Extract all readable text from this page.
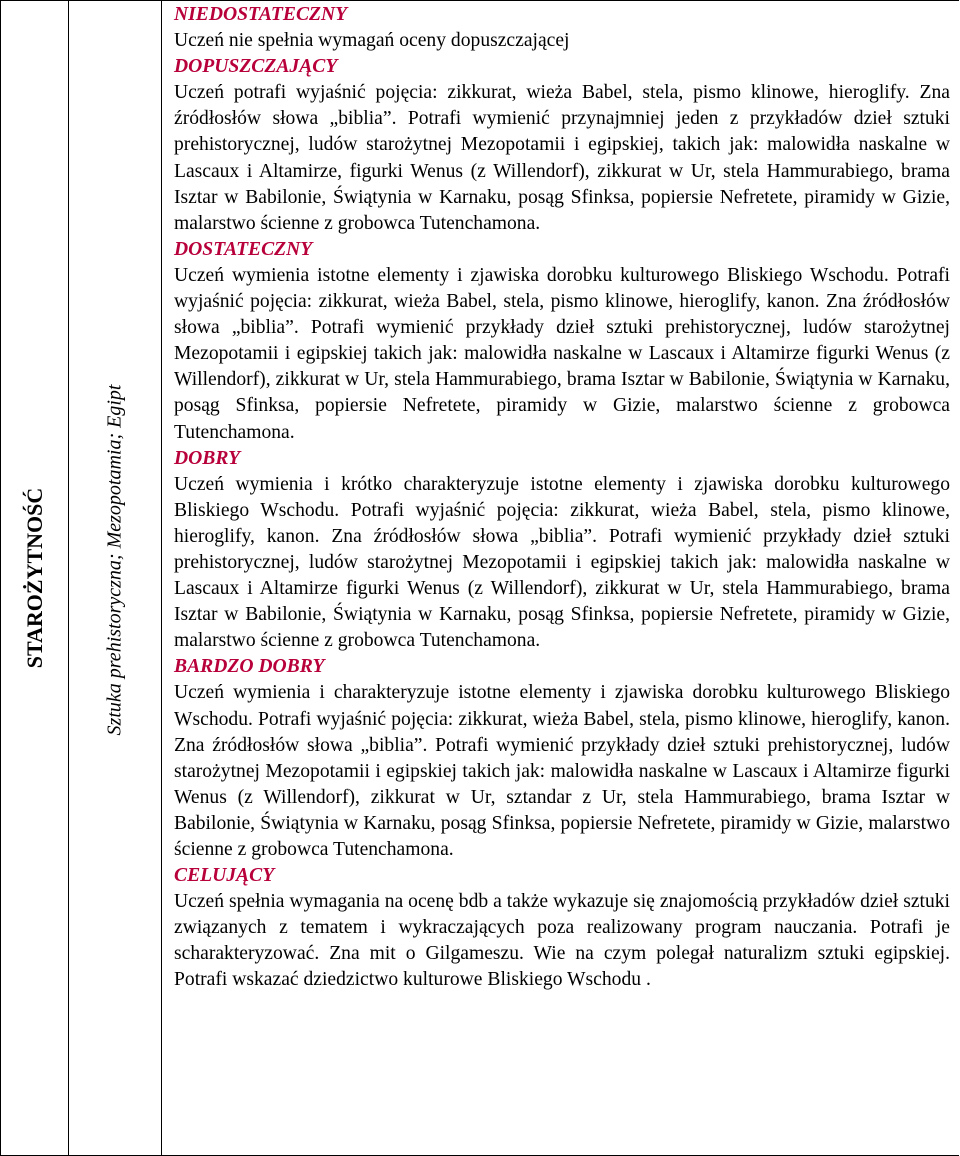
STAROŻYTNOŚĆ	Sztuka prehistoryczna; Mezopotamia; Egipt
NIEDOSTATECZNY
Uczeń nie spełnia wymagań oceny dopuszczającej
DOPUSZCZAJĄCY
Uczeń potrafi wyjaśnić pojęcia: zikkurat, wieża Babel, stela, pismo klinowe, hieroglify. Zna źródłosłów słowa „biblia”. Potrafi wymienić przynajmniej jeden z przykładów dzieł sztuki prehistorycznej, ludów starożytnej Mezopotamii i egipskiej, takich jak: malowidła naskalne w Lascaux i Altamirze, figurki Wenus (z Willendorf), zikkurat w Ur, stela Hammurabiego, brama Isztar w Babilonie, Świątynia w Karnaku, posąg Sfinksa, popiersie Nefretete, piramidy w Gizie, malarstwo ścienne z grobowca Tutenchamona.
DOSTATECZNY
Uczeń wymienia istotne elementy i zjawiska dorobku kulturowego Bliskiego Wschodu. Potrafi wyjaśnić pojęcia: zikkurat, wieża Babel, stela, pismo klinowe, hieroglify, kanon. Zna źródłosłów słowa „biblia”. Potrafi wymienić przykłady dzieł sztuki prehistorycznej, ludów starożytnej Mezopotamii i egipskiej takich jak: malowidła naskalne w Lascaux i Altamirze figurki Wenus (z Willendorf), zikkurat w Ur, stela Hammurabiego, brama Isztar w Babilonie, Świątynia w Karnaku, posąg Sfinksa, popiersie Nefretete, piramidy w Gizie, malarstwo ścienne z grobowca Tutenchamona.
DOBRY
Uczeń wymienia i krótko charakteryzuje istotne elementy i zjawiska dorobku kulturowego Bliskiego Wschodu. Potrafi wyjaśnić pojęcia: zikkurat, wieża Babel, stela, pismo klinowe, hieroglify, kanon. Zna źródłosłów słowa „biblia”. Potrafi wymienić przykłady dzieł sztuki prehistorycznej, ludów starożytnej Mezopotamii i egipskiej takich jak: malowidła naskalne w Lascaux i Altamirze figurki Wenus (z Willendorf), zikkurat w Ur, stela Hammurabiego, brama Isztar w Babilonie, Świątynia w Karnaku, posąg Sfinksa, popiersie Nefretete, piramidy w Gizie, malarstwo ścienne z grobowca Tutenchamona.
BARDZO DOBRY
Uczeń wymienia i charakteryzuje istotne elementy i zjawiska dorobku kulturowego Bliskiego Wschodu. Potrafi wyjaśnić pojęcia: zikkurat, wieża Babel, stela, pismo klinowe, hieroglify, kanon. Zna źródłosłów słowa „biblia”. Potrafi wymienić przykłady dzieł sztuki prehistorycznej, ludów starożytnej Mezopotamii i egipskiej takich jak: malowidła naskalne w Lascaux i Altamirze figurki Wenus (z Willendorf), zikkurat w Ur, sztandar z Ur, stela Hammurabiego, brama Isztar w Babilonie, Świątynia w Karnaku, posąg Sfinksa, popiersie Nefretete, piramidy w Gizie, malarstwo ścienne z grobowca Tutenchamona.
CELUJĄCY
Uczeń spełnia wymagania na ocenę bdb a także wykazuje się znajomością przykładów dzieł sztuki związanych z tematem i wykraczających poza realizowany program nauczania. Potrafi je scharakteryzować. Zna mit o Gilgameszu. Wie na czym polegał naturalizm sztuki egipskiej. Potrafi wskazać dziedzictwo kulturowe Bliskiego Wschodu .
